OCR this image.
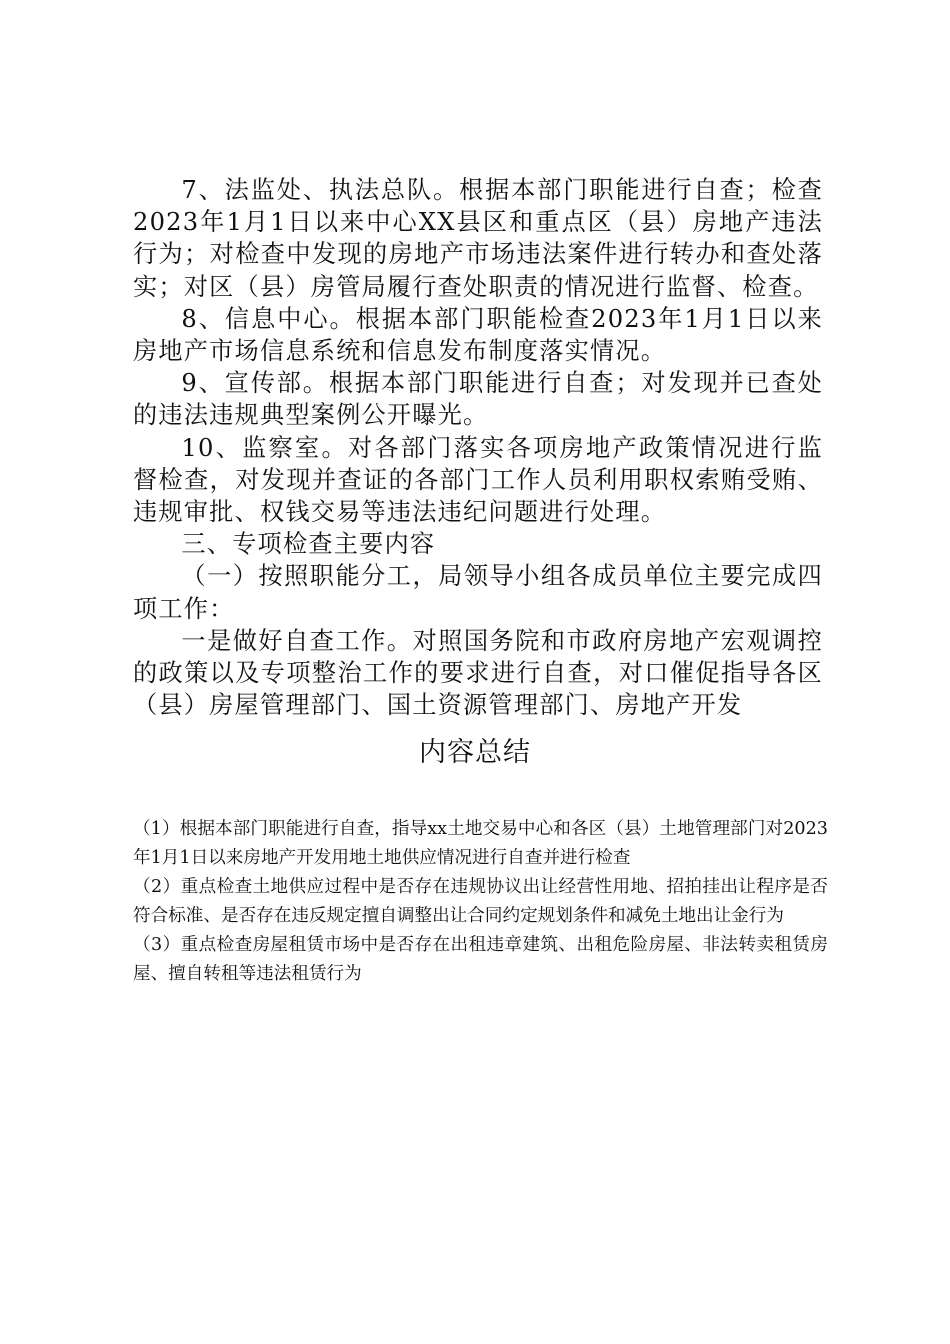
7、法监处、执法总队。根据本部门职能进行自查；检查2023年1月1日以来中心XX县区和重点区（县）房地产违法行为；对检查中发现的房地产市场违法案件进行转办和查处落实；对区（县）房管局履行查处职责的情况进行监督、检查。

8、信息中心。根据本部门职能检查2023年1月1日以来房地产市场信息系统和信息发布制度落实情况。

9、宣传部。根据本部门职能进行自查；对发现并已查处的违法违规典型案例公开曝光。

10、监察室。对各部门落实各项房地产政策情况进行监督检查，对发现并查证的各部门工作人员利用职权索贿受贿、违规审批、权钱交易等违法违纪问题进行处理。

三、专项检查主要内容

（一）按照职能分工，局领导小组各成员单位主要完成四项工作：

一是做好自查工作。对照国务院和市政府房地产宏观调控的政策以及专项整治工作的要求进行自查，对口催促指导各区（县）房屋管理部门、国土资源管理部门、房地产开发

内容总结

（1）根据本部门职能进行自查，指导xx土地交易中心和各区（县）土地管理部门对2023年1月1日以来房地产开发用地土地供应情况进行自查并进行检查

（2）重点检查土地供应过程中是否存在违规协议出让经营性用地、招拍挂出让程序是否符合标准、是否存在违反规定擅自调整出让合同约定规划条件和减免土地出让金行为

（3）重点检查房屋租赁市场中是否存在出租违章建筑、出租危险房屋、非法转卖租赁房屋、擅自转租等违法租赁行为
